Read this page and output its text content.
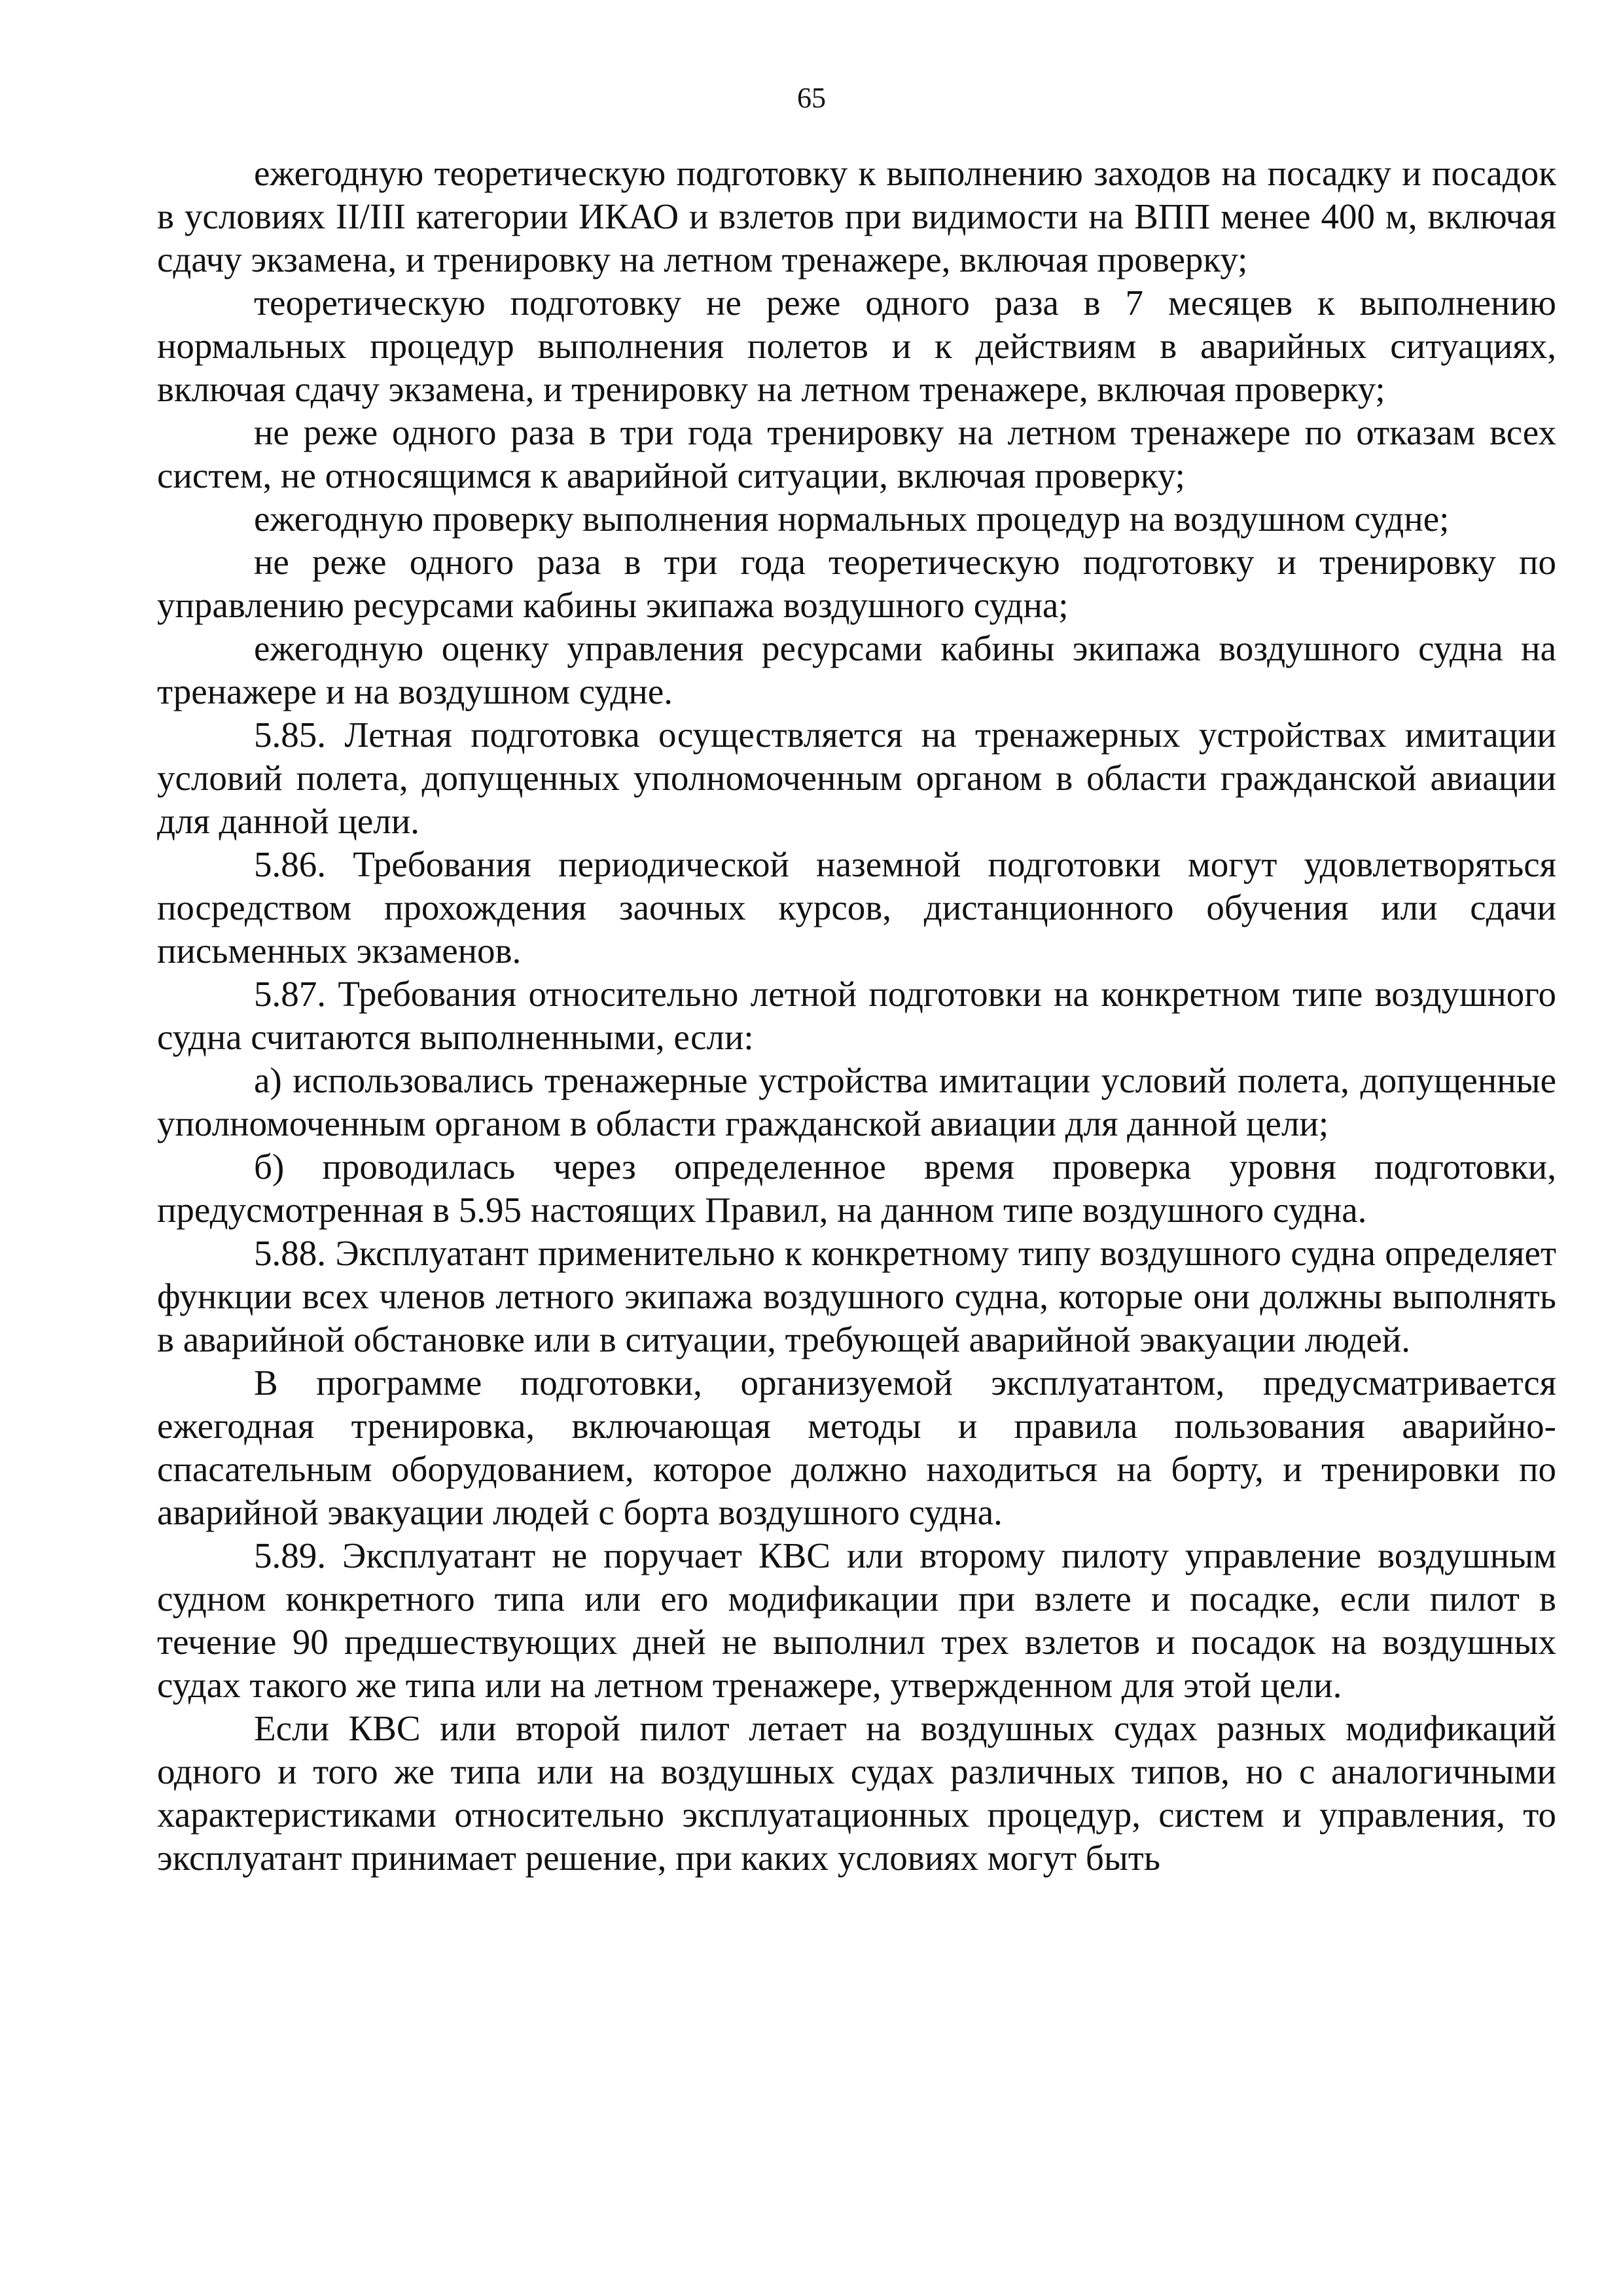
65

ежегодную теоретическую подготовку к выполнению заходов на посадку и посадок в условиях II/III категории ИКАО и взлетов при видимости на ВПП менее 400 м, включая сдачу экзамена, и тренировку на летном тренажере, включая проверку;

теоретическую подготовку не реже одного раза в 7 месяцев к выполнению нормальных процедур выполнения полетов и к действиям в аварийных ситуациях, включая сдачу экзамена, и тренировку на летном тренажере, включая проверку;

не реже одного раза в три года тренировку на летном тренажере по отказам всех систем, не относящимся к аварийной ситуации, включая проверку;

ежегодную проверку выполнения нормальных процедур на воздушном судне;

не реже одного раза в три года теоретическую подготовку и тренировку по управлению ресурсами кабины экипажа воздушного судна;

ежегодную оценку управления ресурсами кабины экипажа воздушного судна на тренажере и на воздушном судне.

5.85. Летная подготовка осуществляется на тренажерных устройствах имитации условий полета, допущенных уполномоченным органом в области гражданской авиации для данной цели.

5.86. Требования периодической наземной подготовки могут удовлетворяться посредством прохождения заочных курсов, дистанционного обучения или сдачи письменных экзаменов.

5.87. Требования относительно летной подготовки на конкретном типе воздушного судна считаются выполненными, если:

а) использовались тренажерные устройства имитации условий полета, допущенные уполномоченным органом в области гражданской авиации для данной цели;

б) проводилась через определенное время проверка уровня подготовки, предусмотренная в 5.95 настоящих Правил, на данном типе воздушного судна.

5.88. Эксплуатант применительно к конкретному типу воздушного судна определяет функции всех членов летного экипажа воздушного судна, которые они должны выполнять в аварийной обстановке или в ситуации, требующей аварийной эвакуации людей.

В программе подготовки, организуемой эксплуатантом, предусматривается ежегодная тренировка, включающая методы и правила пользования аварийно-спасательным оборудованием, которое должно находиться на борту, и тренировки по аварийной эвакуации людей с борта воздушного судна.

5.89. Эксплуатант не поручает КВС или второму пилоту управление воздушным судном конкретного типа или его модификации при взлете и посадке, если пилот в течение 90 предшествующих дней не выполнил трех взлетов и посадок на воздушных судах такого же типа или на летном тренажере, утвержденном для этой цели.

Если КВС или второй пилот летает на воздушных судах разных модификаций одного и того же типа или на воздушных судах различных типов, но с аналогичными характеристиками относительно эксплуатационных процедур, систем и управления, то эксплуатант принимает решение, при каких условиях могут быть
